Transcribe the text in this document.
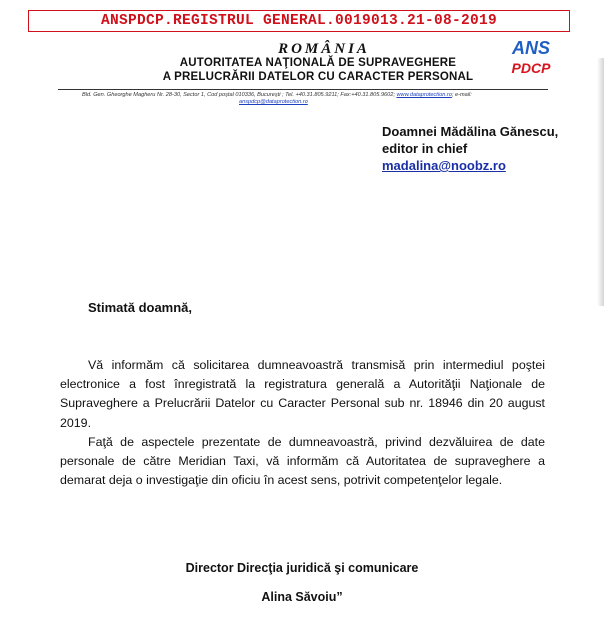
ANSPDCP.REGISTRUL GENERAL.0019013.21-08-2019
ROMÂNIA
AUTORITATEA NAŢIONALĂ DE SUPRAVEGHERE
A PRELUCRĂRII DATELOR CU CARACTER PERSONAL
ANS
PDCP
Bld. Gen. Gheorghe Magheru Nr. 28-30, Sector 1, Cod poştal 010336, Bucureşti ; Tel. +40.31.805.9211; Fax:+40.31.805.9602; www.dataprotection.ro; e-mail:
anspdcp@dataprotection.ro
Doamnei Mădălina Gănescu,
editor in chief
madalina@noobz.ro
Stimată doamnă,

Vă informăm că solicitarea dumneavoastră transmisă prin intermediul poştei electronice a fost înregistrată la registratura generală a Autorităţii Naţionale de Supraveghere a Prelucrării Datelor cu Caracter Personal sub nr. 18946 din 20 august 2019.

Faţă de aspectele prezentate de dumneavoastră, privind dezvăluirea de date personale de către Meridian Taxi, vă informăm că Autoritatea de supraveghere a demarat deja o investigaţie din oficiu în acest sens, potrivit competenţelor legale.

Director Direcţia juridică şi comunicare
Alina Săvoiu”
